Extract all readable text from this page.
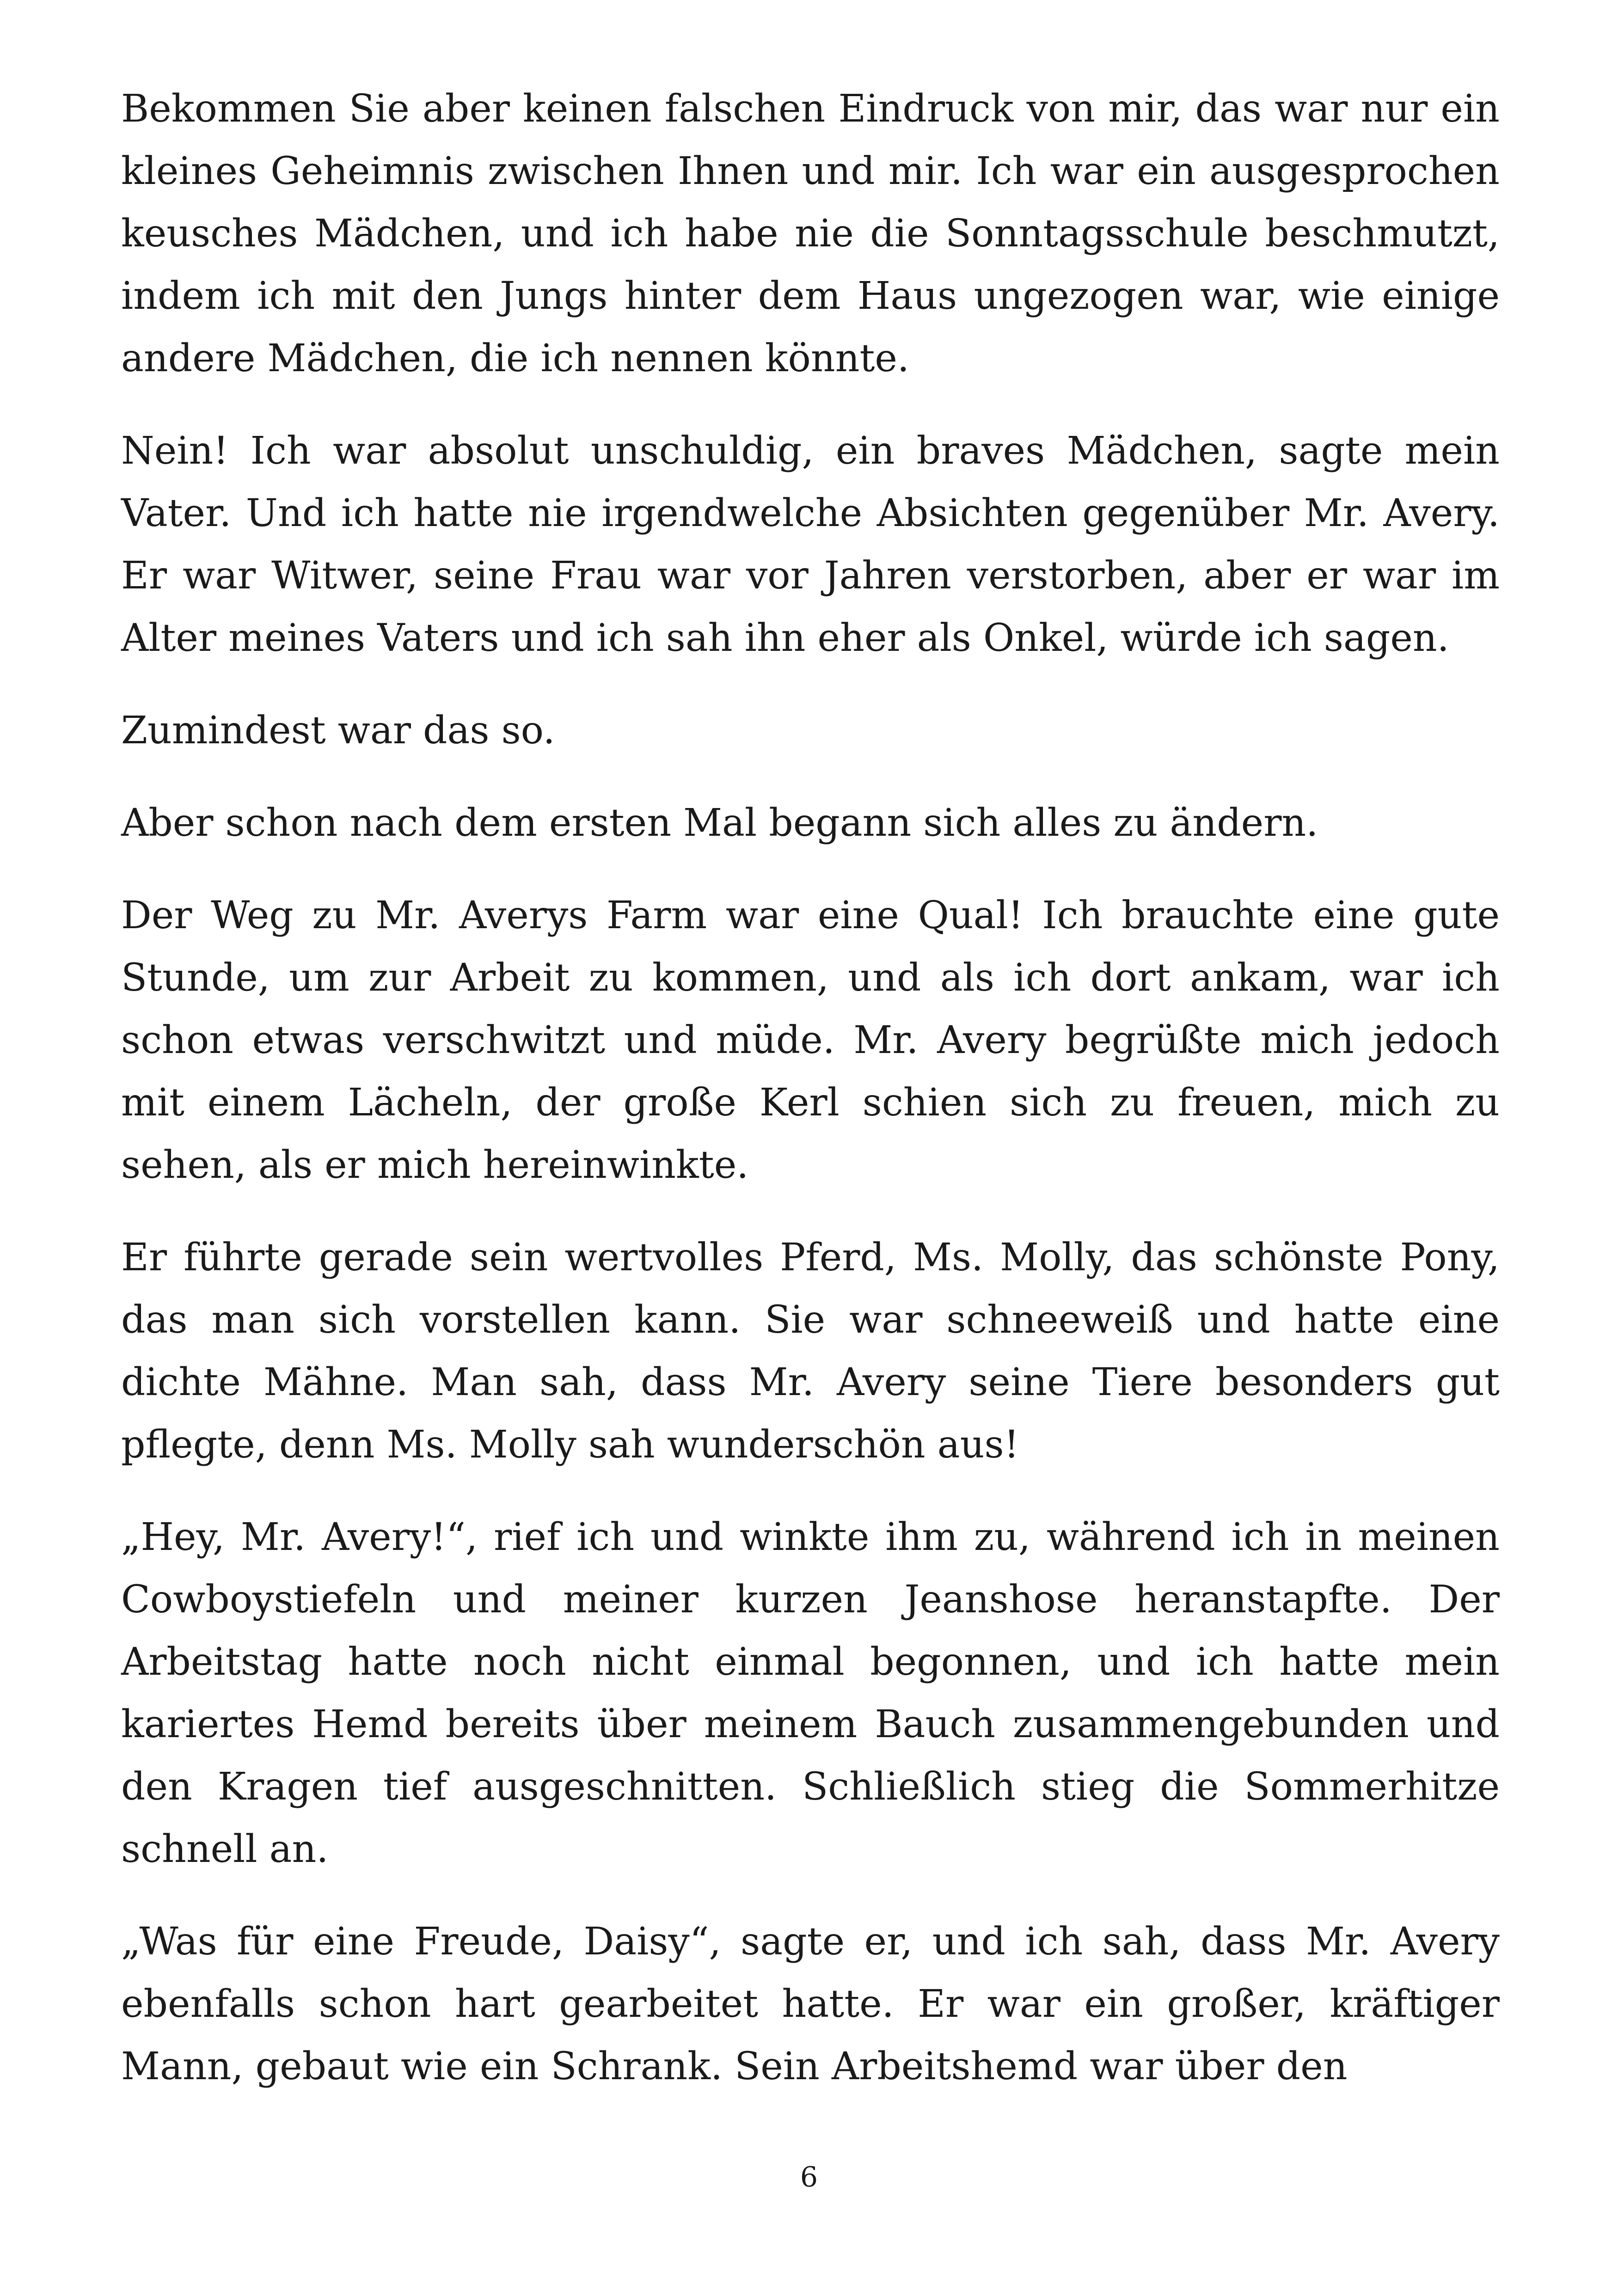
Bekommen Sie aber keinen falschen Eindruck von mir, das war nur ein kleines Geheimnis zwischen Ihnen und mir. Ich war ein ausgesprochen keusches Mädchen, und ich habe nie die Sonntagsschule beschmutzt, indem ich mit den Jungs hinter dem Haus ungezogen war, wie einige andere Mädchen, die ich nennen könnte.

Nein! Ich war absolut unschuldig, ein braves Mädchen, sagte mein Vater. Und ich hatte nie irgendwelche Absichten gegenüber Mr. Avery. Er war Witwer, seine Frau war vor Jahren verstorben, aber er war im Alter meines Vaters und ich sah ihn eher als Onkel, würde ich sagen.

Zumindest war das so.

Aber schon nach dem ersten Mal begann sich alles zu ändern.

Der Weg zu Mr. Averys Farm war eine Qual! Ich brauchte eine gute Stunde, um zur Arbeit zu kommen, und als ich dort ankam, war ich schon etwas verschwitzt und müde. Mr. Avery begrüßte mich jedoch mit einem Lächeln, der große Kerl schien sich zu freuen, mich zu sehen, als er mich hereinwinkte.

Er führte gerade sein wertvolles Pferd, Ms. Molly, das schönste Pony, das man sich vorstellen kann. Sie war schneeweiß und hatte eine dichte Mähne. Man sah, dass Mr. Avery seine Tiere besonders gut pflegte, denn Ms. Molly sah wunderschön aus!

„Hey, Mr. Avery!“, rief ich und winkte ihm zu, während ich in meinen Cowboystiefeln und meiner kurzen Jeanshose heranstapfte. Der Arbeitstag hatte noch nicht einmal begonnen, und ich hatte mein kariertes Hemd bereits über meinem Bauch zusammengebunden und den Kragen tief ausgeschnitten. Schließlich stieg die Sommerhitze schnell an.

„Was für eine Freude, Daisy“, sagte er, und ich sah, dass Mr. Avery ebenfalls schon hart gearbeitet hatte. Er war ein großer, kräftiger Mann, gebaut wie ein Schrank. Sein Arbeitshemd war über den

6
